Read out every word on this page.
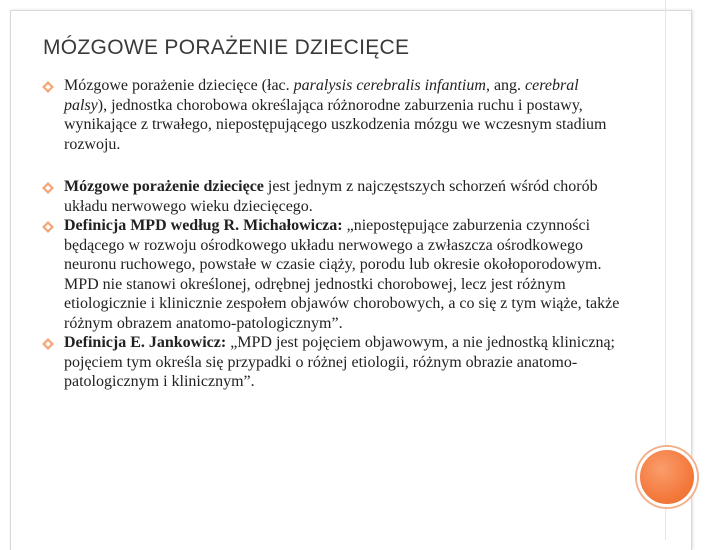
MÓZGOWE PORAŻENIE DZIECIĘCE
Mózgowe porażenie dziecięce (łac. paralysis cerebralis infantium, ang. cerebral palsy), jednostka chorobowa określająca różnorodne zaburzenia ruchu i postawy, wynikające z trwałego, niepostępującego uszkodzenia mózgu we wczesnym stadium rozwoju.
Mózgowe porażenie dziecięce jest jednym z najczęstszych schorzeń wśród chorób układu nerwowego wieku dziecięcego.
Definicja MPD według R. Michałowicza: „niepostępujące zaburzenia czynności będącego w rozwoju ośrodkowego układu nerwowego a zwłaszcza ośrodkowego neuronu ruchowego, powstałe w czasie ciąży, porodu lub okresie okołoporodowym. MPD nie stanowi określonej, odrębnej jednostki chorobowej, lecz jest różnym etiologicznie i klinicznie zespołem objawów chorobowych, a co się z tym wiąże, także różnym obrazem anatomo-patologicznym”.
Definicja E. Jankowicz: „MPD jest pojęciem objawowym, a nie jednostką kliniczną; pojęciem tym określa się przypadki o różnej etiologii, różnym obrazie anatomo-patologicznym i klinicznym”.
